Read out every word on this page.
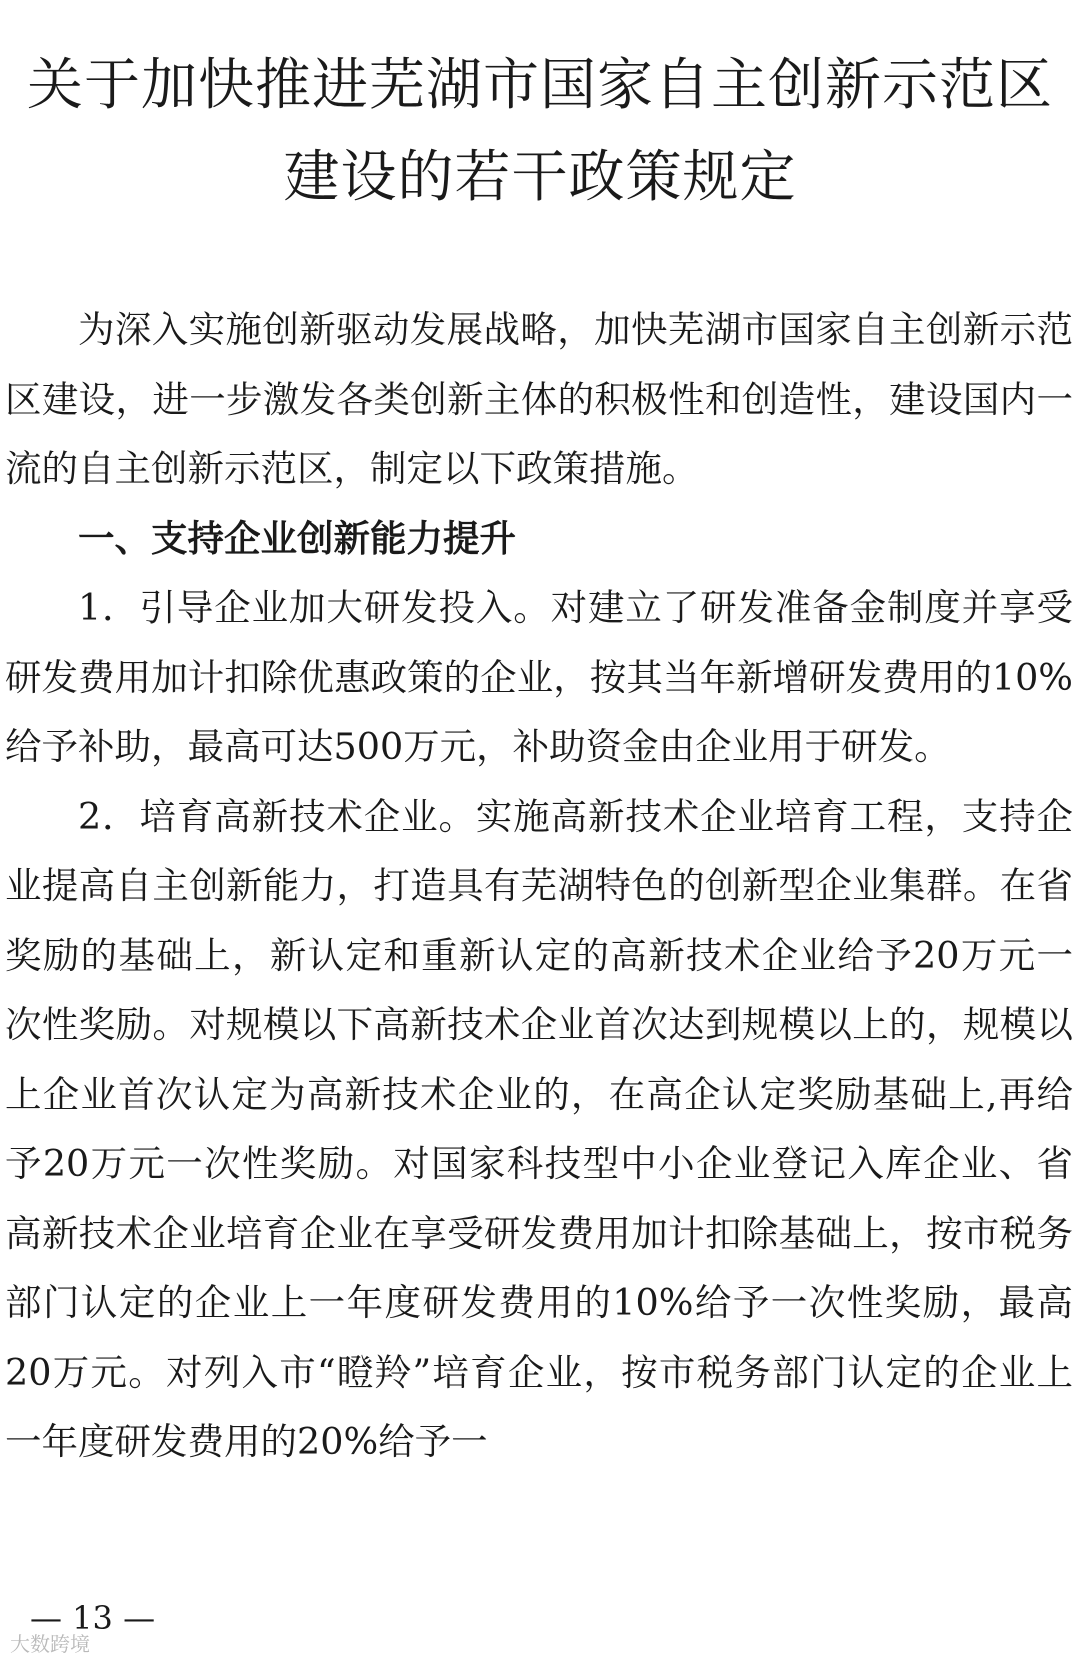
关于加快推进芜湖市国家自主创新示范区
建设的若干政策规定

为深入实施创新驱动发展战略，加快芜湖市国家自主创新示范区建设，进一步激发各类创新主体的积极性和创造性，建设国内一流的自主创新示范区，制定以下政策措施。

一、支持企业创新能力提升

1．引导企业加大研发投入。对建立了研发准备金制度并享受研发费用加计扣除优惠政策的企业，按其当年新增研发费用的10%给予补助，最高可达500万元，补助资金由企业用于研发。

2．培育高新技术企业。实施高新技术企业培育工程，支持企业提高自主创新能力，打造具有芜湖特色的创新型企业集群。在省奖励的基础上，新认定和重新认定的高新技术企业给予20万元一次性奖励。对规模以下高新技术企业首次达到规模以上的，规模以上企业首次认定为高新技术企业的，在高企认定奖励基础上,再给予20万元一次性奖励。对国家科技型中小企业登记入库企业、省高新技术企业培育企业在享受研发费用加计扣除基础上，按市税务部门认定的企业上一年度研发费用的10%给予一次性奖励，最高20万元。对列入市“瞪羚”培育企业，按市税务部门认定的企业上一年度研发费用的20%给予一

— 13 —
大数跨境
